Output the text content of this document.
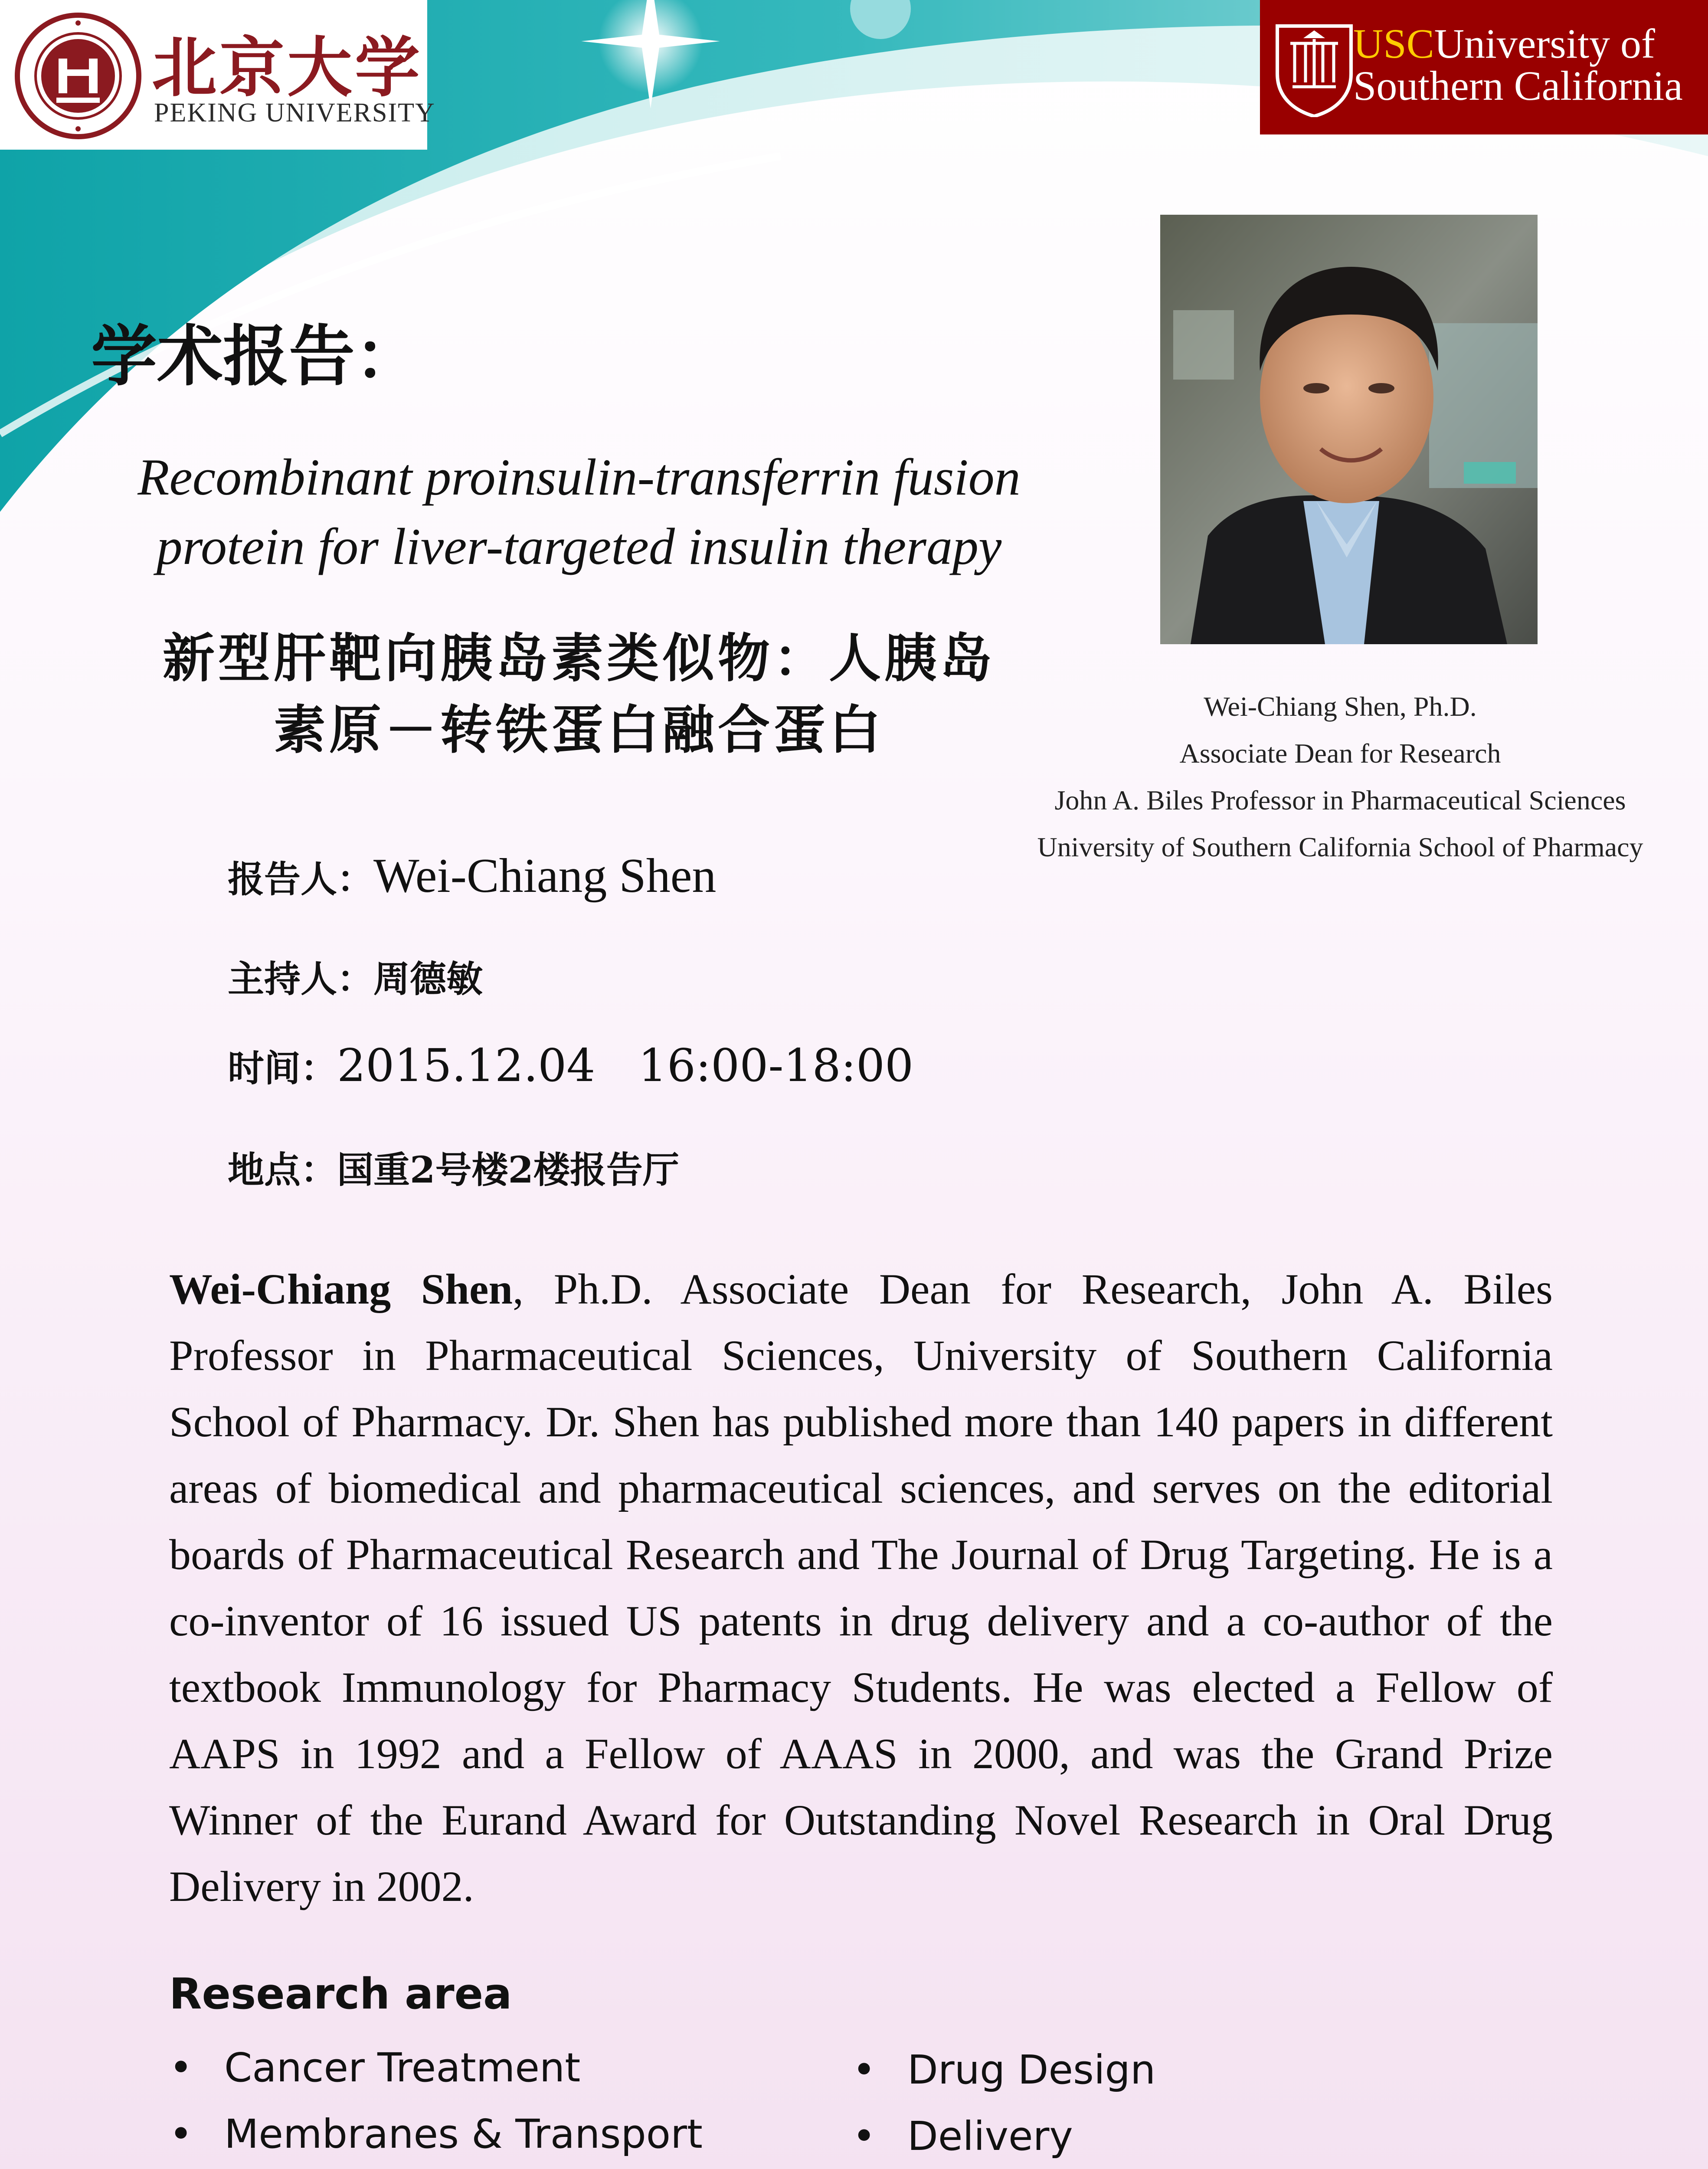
北京大学
PEKING UNIVERSITY
USCUniversity of
Southern California
学术报告：
Recombinant proinsulin-transferrin fusion
protein for liver-targeted insulin therapy
新型肝靶向胰岛素类似物：人胰岛
素原－转铁蛋白融合蛋白	Wei-Chiang Shen, Ph.D.
Associate Dean for Research
John A. Biles Professor in Pharmaceutical Sciences
University of Southern California School of Pharmacy
报告人：Wei-Chiang Shen
主持人：周德敏
时间：2015.12.04   16:00-18:00
地点：国重2号楼2楼报告厅
Wei-Chiang Shen, Ph.D. Associate Dean for Research, John A. Biles Professor in Pharmaceutical Sciences, University of Southern California School of Pharmacy. Dr. Shen has published more than 140 papers in different areas of biomedical and pharmaceutical sciences, and serves on the editorial boards of Pharmaceutical Research and The Journal of Drug Targeting. He is a co-inventor of 16 issued US patents in drug delivery and a co-author of the textbook Immunology for Pharmacy Students. He was elected a Fellow of AAPS in 1992 and a Fellow of AAAS in 2000, and was the Grand Prize Winner of the Eurand Award for Outstanding Novel Research in Oral Drug Delivery in 2002.
Research area
• Cancer Treatment
• Membranes & Transport
• Drug Design
• Delivery
